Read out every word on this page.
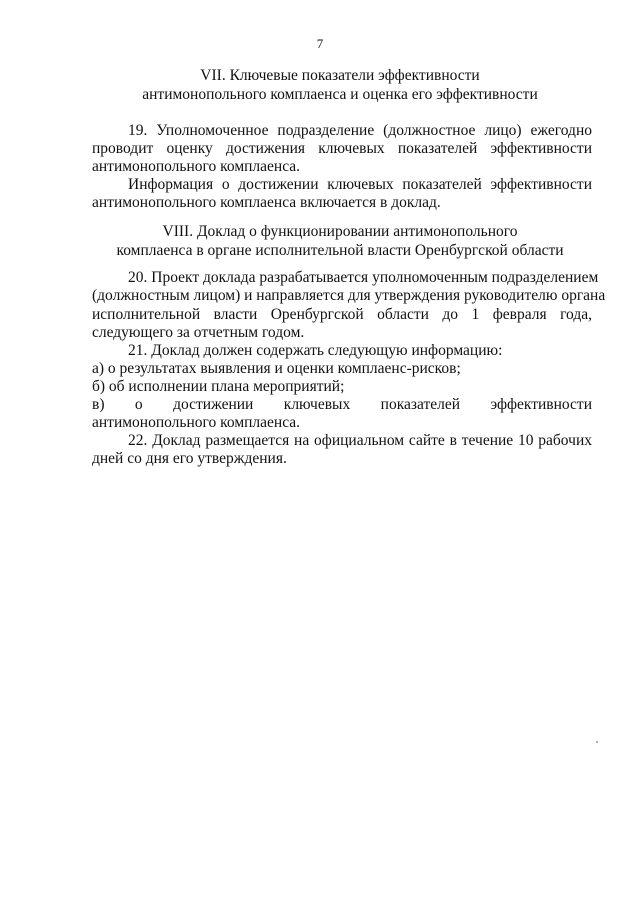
7
VII. Ключевые показатели эффективности
антимонопольного комплаенса и оценка его эффективности
19. Уполномоченное подразделение (должностное лицо) ежегодно
проводит оценку достижения ключевых показателей эффективности
антимонопольного комплаенса.
Информация о достижении ключевых показателей эффективности
антимонопольного комплаенса включается в доклад.
VIII. Доклад о функционировании антимонопольного
комплаенса в органе исполнительной власти Оренбургской области
20. Проект доклада разрабатывается уполномоченным подразделением
(должностным лицом) и направляется для утверждения руководителю органа
исполнительной власти Оренбургской области до 1 февраля года,
следующего за отчетным годом.
21. Доклад должен содержать следующую информацию:
а) о результатах выявления и оценки комплаенс-рисков;
б) об исполнении плана мероприятий;
в) о достижении ключевых показателей эффективности
антимонопольного комплаенса.
22. Доклад размещается на официальном сайте в течение 10 рабочих
дней со дня его утверждения.
